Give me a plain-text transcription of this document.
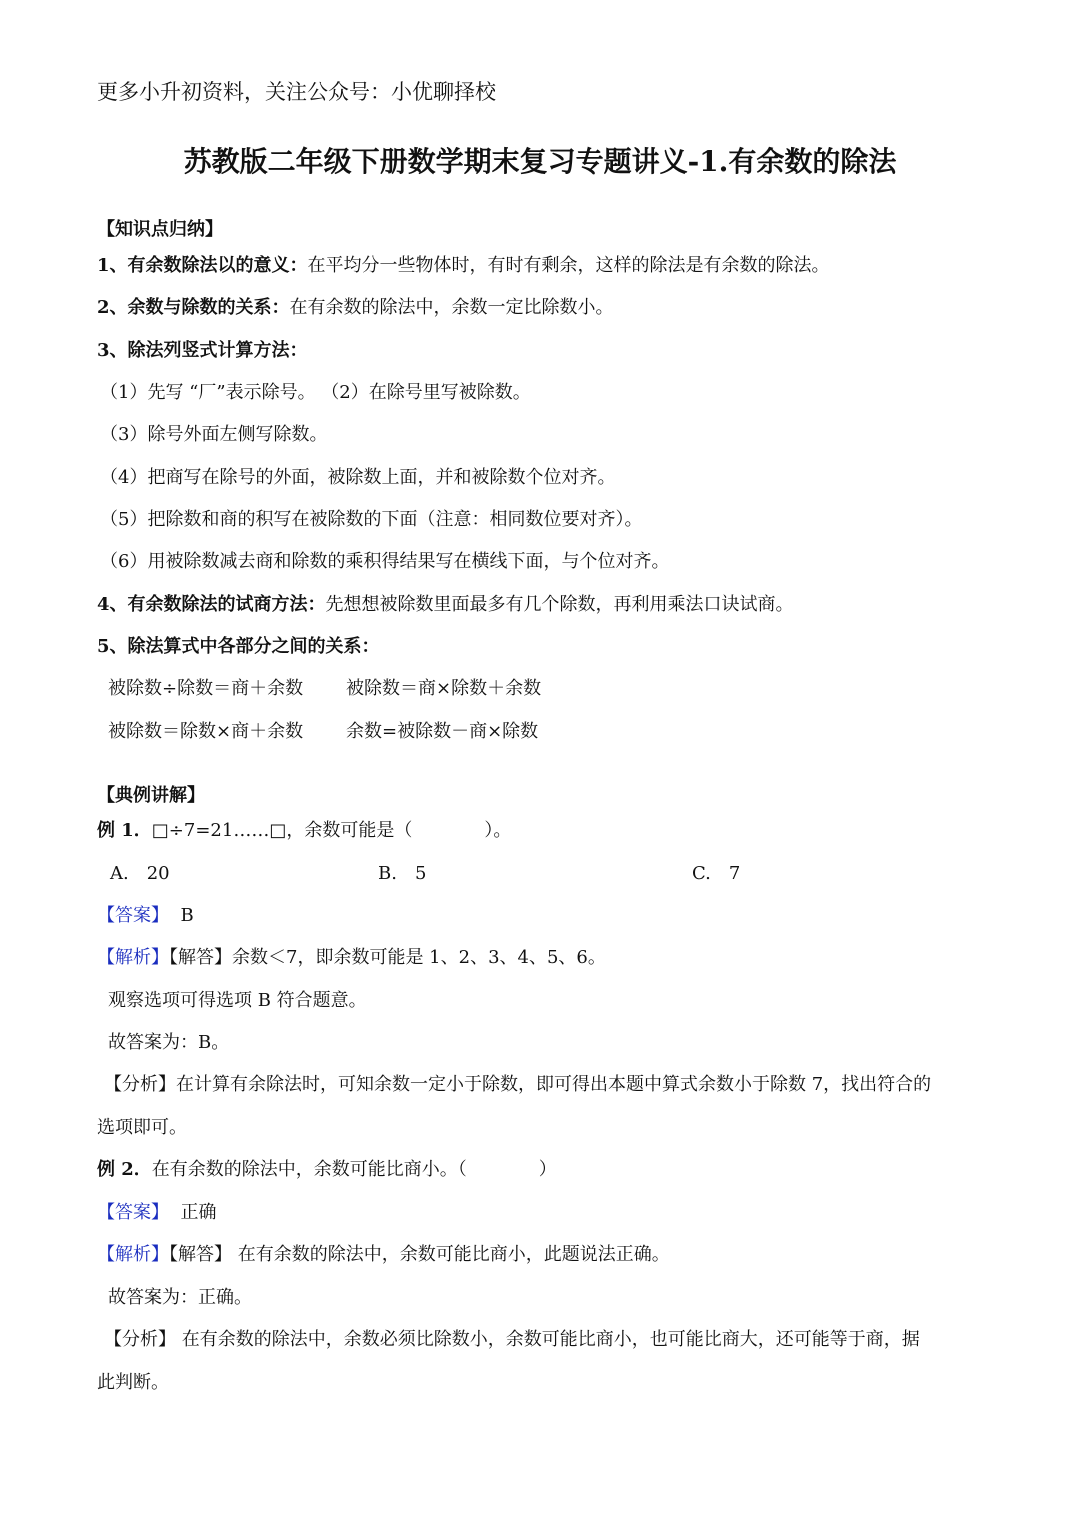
更多小升初资料，关注公众号：小优聊择校
苏教版二年级下册数学期末复习专题讲义-1.有余数的除法
【知识点归纳】
1、有余数除法以的意义：在平均分一些物体时，有时有剩余，这样的除法是有余数的除法。
2、余数与除数的关系：在有余数的除法中，余数一定比除数小。
3、除法列竖式计算方法：
（1）先写 “厂”表示除号。 （2）在除号里写被除数。
（3）除号外面左侧写除数。
（4）把商写在除号的外面，被除数上面，并和被除数个位对齐。
（5）把除数和商的积写在被除数的下面（注意：相同数位要对齐）。
（6）用被除数减去商和除数的乘积得结果写在横线下面，与个位对齐。
4、有余数除法的试商方法：先想想被除数里面最多有几个除数，再利用乘法口诀试商。
5、除法算式中各部分之间的关系：
被除数÷除数＝商＋余数 被除数＝商×除数＋余数
被除数＝除数×商＋余数 余数=被除数－商×除数
【典例讲解】
例 1．□÷7=21……□，余数可能是（　　　　）。
A.　20	B.　5	C.　7
【答案】 B
【解析】【解答】余数＜7，即余数可能是 1、2、3、4、5、6。
观察选项可得选项 B 符合题意。
故答案为：B。
【分析】在计算有余除法时，可知余数一定小于除数，即可得出本题中算式余数小于除数 7，找出符合的
选项即可。
例 2．在有余数的除法中，余数可能比商小。（　　　　）
【答案】 正确
【解析】【解答】 在有余数的除法中，余数可能比商小，此题说法正确。
故答案为：正确。
【分析】 在有余数的除法中，余数必须比除数小，余数可能比商小，也可能比商大，还可能等于商，据
此判断。
